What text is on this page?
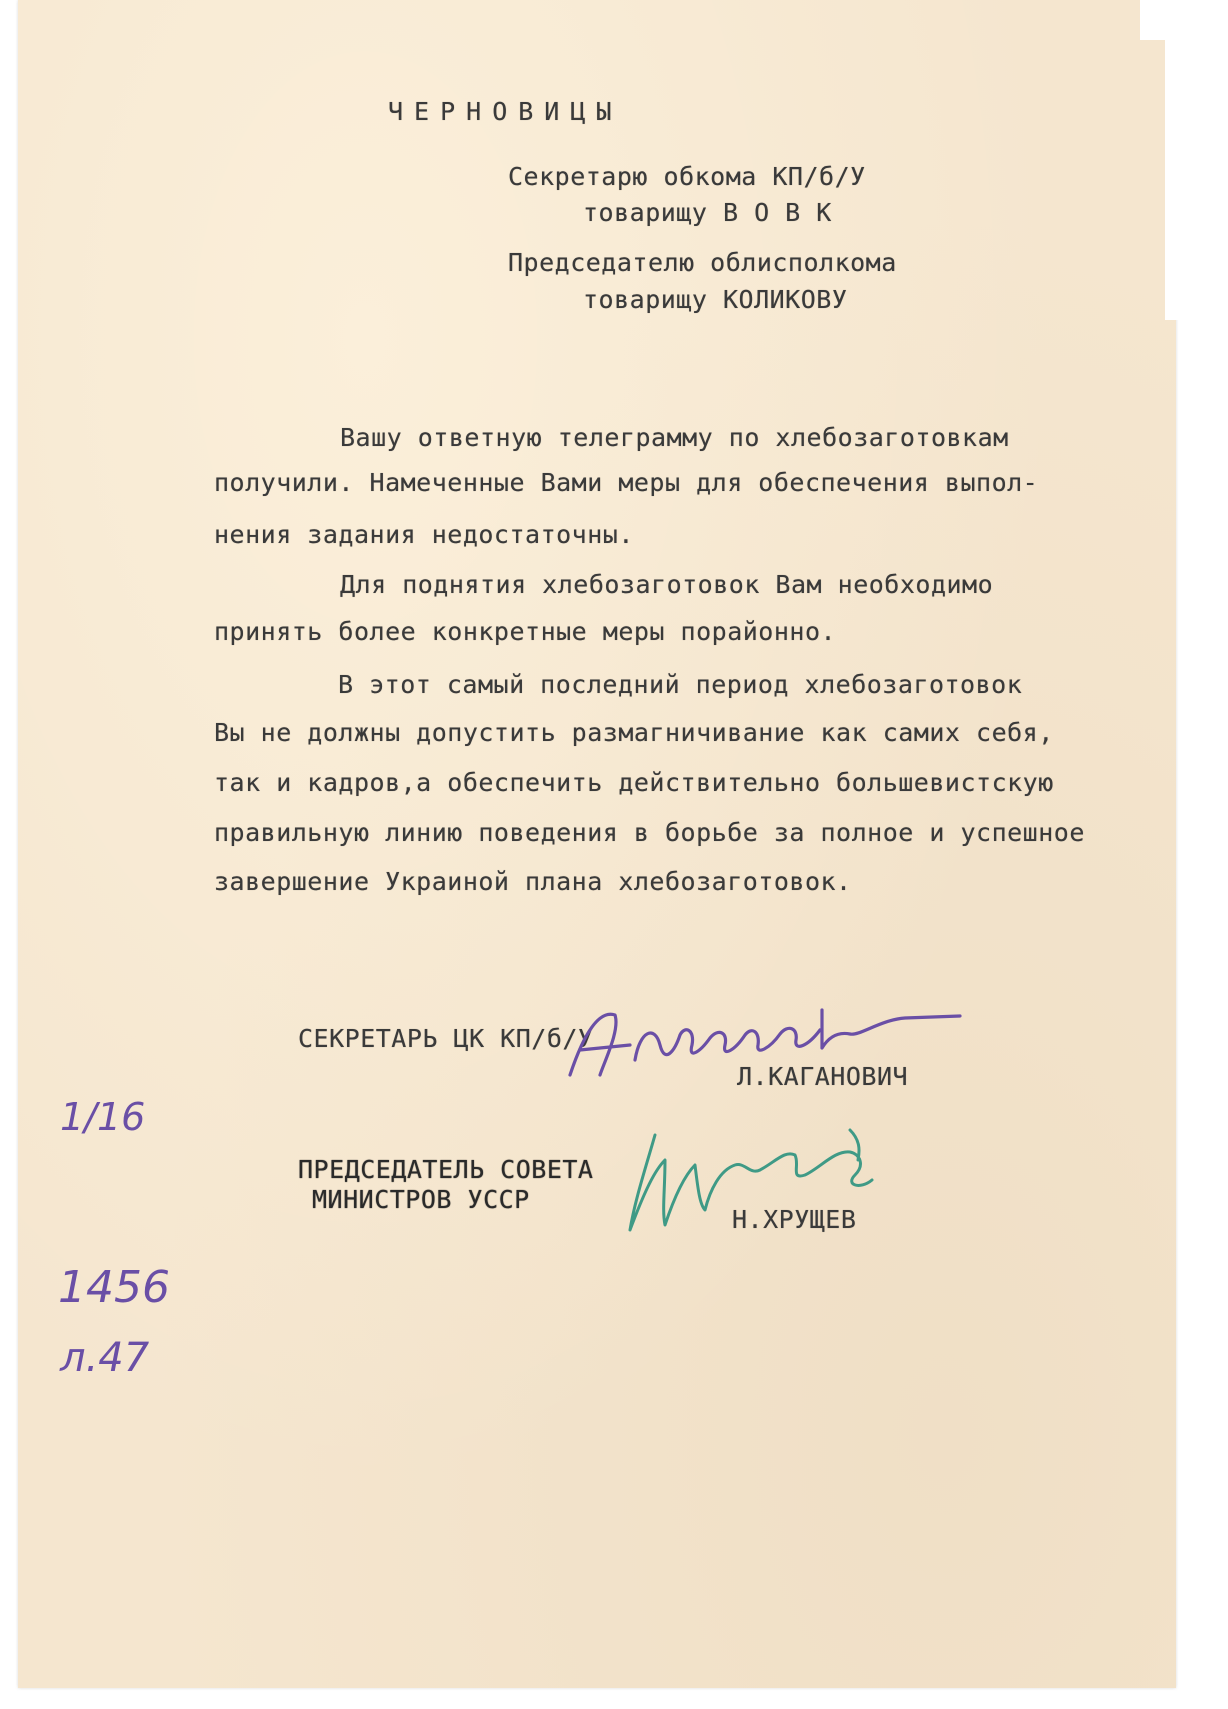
ЧЕРНОВИЦЫ
Секретарю обкома КП/б/У
товарищу В О В К
Председателю облисполкома
товарищу КОЛИКОВУ
Вашу ответную телеграмму по хлебозаготовкам
получили. Намеченные Вами меры для обеспечения выпол-
нения задания недостаточны.
Для поднятия хлебозаготовок Вам необходимо
принять более конкретные меры порайонно.
В этот самый последний период хлебозаготовок
Вы не должны допустить размагничивание как самих себя,
так и кадров,а обеспечить действительно большевистскую
правильную линию поведения в борьбе за полное и успешное
завершение Украиной плана хлебозаготовок.
СЕКРЕТАРЬ ЦК КП/б/У
Л.КАГАНОВИЧ
ПРЕДСЕДАТЕЛЬ СОВЕТА
МИНИСТРОВ УССР
Н.ХРУЩЕВ
1/16
1456
л.47
